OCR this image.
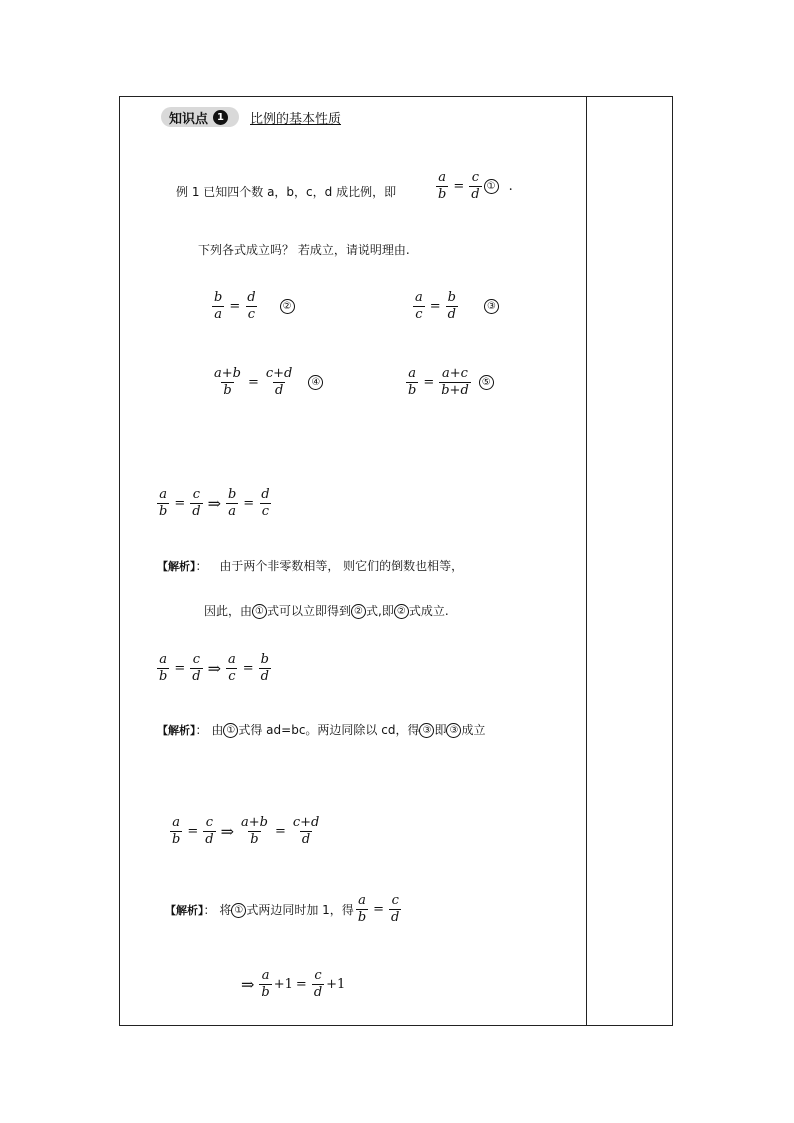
知识点 1	比例的基本性质
例 1 已知四个数 a，b，c，d 成比例，即	$\frac{a}{b} = \frac{c}{d}$ ① .
下列各式成立吗？ 若成立，请说明理由.
$\frac{b}{a} = \frac{d}{c}$	②	$\frac{a}{c} = \frac{b}{d}$	③
$\frac{a+b}{b} = \frac{c+d}{d}$	④	$\frac{a}{b} = \frac{a+c}{b+d}$	⑤
$\frac{a}{b} = \frac{c}{d}$ ⇒ $\frac{b}{a} = \frac{d}{c}$
【解析】： 由于两个非零数相等， 则它们的倒数也相等，
因此，由 ① 式可以立即得到 ② 式,即 ② 式成立.
$\frac{a}{b} = \frac{c}{d}$ ⇒ $\frac{a}{c} = \frac{b}{d}$
【解析】： 由 ① 式得 ad=bc。两边同除以 cd，得 ③ 即 ③ 成立
$\frac{a}{b} = \frac{c}{d}$ ⇒ $\frac{a+b}{b} = \frac{c+d}{d}$
【解析】： 将 ① 式两边同时加 1，得 $\frac{a}{b} = \frac{c}{d}$
⇒ $\frac{a}{b} +1 = \frac{c}{d} +1$
